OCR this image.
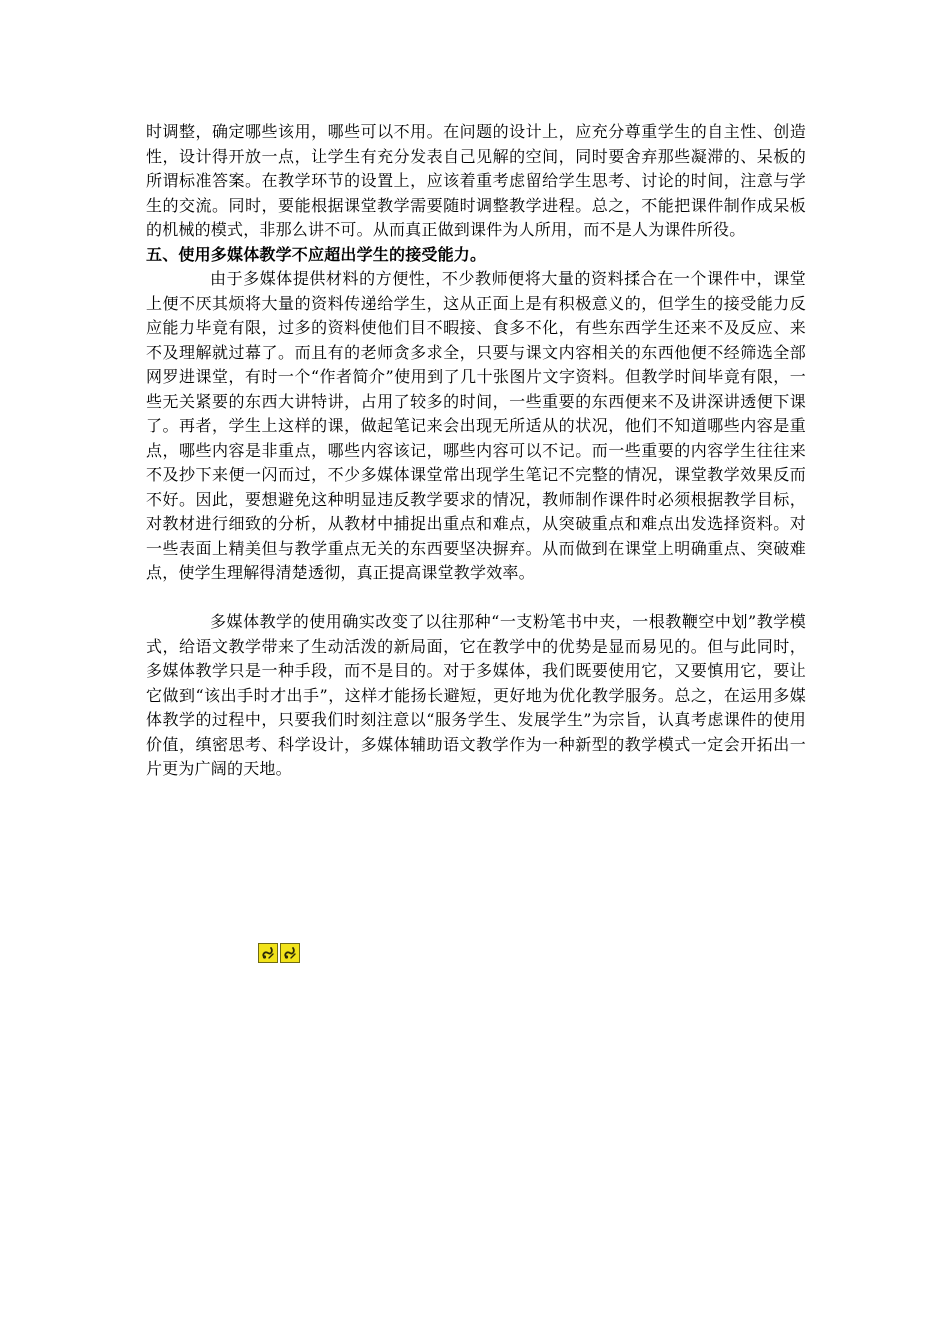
时调整，确定哪些该用，哪些可以不用。在问题的设计上，应充分尊重学生的自主性、创造性，设计得开放一点，让学生有充分发表自己见解的空间，同时要舍弃那些凝滞的、呆板的所谓标准答案。在教学环节的设置上，应该着重考虑留给学生思考、讨论的时间，注意与学生的交流。同时，要能根据课堂教学需要随时调整教学进程。总之，不能把课件制作成呆板的机械的模式，非那么讲不可。从而真正做到课件为人所用，而不是人为课件所役。

五、使用多媒体教学不应超出学生的接受能力。

由于多媒体提供材料的方便性，不少教师便将大量的资料揉合在一个课件中，课堂上便不厌其烦将大量的资料传递给学生，这从正面上是有积极意义的，但学生的接受能力反应能力毕竟有限，过多的资料使他们目不暇接、食多不化，有些东西学生还来不及反应、来不及理解就过幕了。而且有的老师贪多求全，只要与课文内容相关的东西他便不经筛选全部网罗进课堂，有时一个“作者简介”使用到了几十张图片文字资料。但教学时间毕竟有限，一些无关紧要的东西大讲特讲，占用了较多的时间，一些重要的东西便来不及讲深讲透便下课了。再者，学生上这样的课，做起笔记来会出现无所适从的状况，他们不知道哪些内容是重点，哪些内容是非重点，哪些内容该记，哪些内容可以不记。而一些重要的内容学生往往来不及抄下来便一闪而过，不少多媒体课堂常出现学生笔记不完整的情况，课堂教学效果反而不好。因此，要想避免这种明显违反教学要求的情况，教师制作课件时必须根据教学目标，对教材进行细致的分析，从教材中捕捉出重点和难点，从突破重点和难点出发选择资料。对一些表面上精美但与教学重点无关的东西要坚决摒弃。从而做到在课堂上明确重点、突破难点，使学生理解得清楚透彻，真正提高课堂教学效率。

多媒体教学的使用确实改变了以往那种“一支粉笔书中夹，一根教鞭空中划”教学模式，给语文教学带来了生动活泼的新局面，它在教学中的优势是显而易见的。但与此同时，多媒体教学只是一种手段，而不是目的。对于多媒体，我们既要使用它，又要慎用它，要让它做到“该出手时才出手”，这样才能扬长避短，更好地为优化教学服务。总之，在运用多媒体教学的过程中，只要我们时刻注意以“服务学生、发展学生”为宗旨，认真考虑课件的使用价值，缜密思考、科学设计，多媒体辅助语文教学作为一种新型的教学模式一定会开拓出一片更为广阔的天地。
